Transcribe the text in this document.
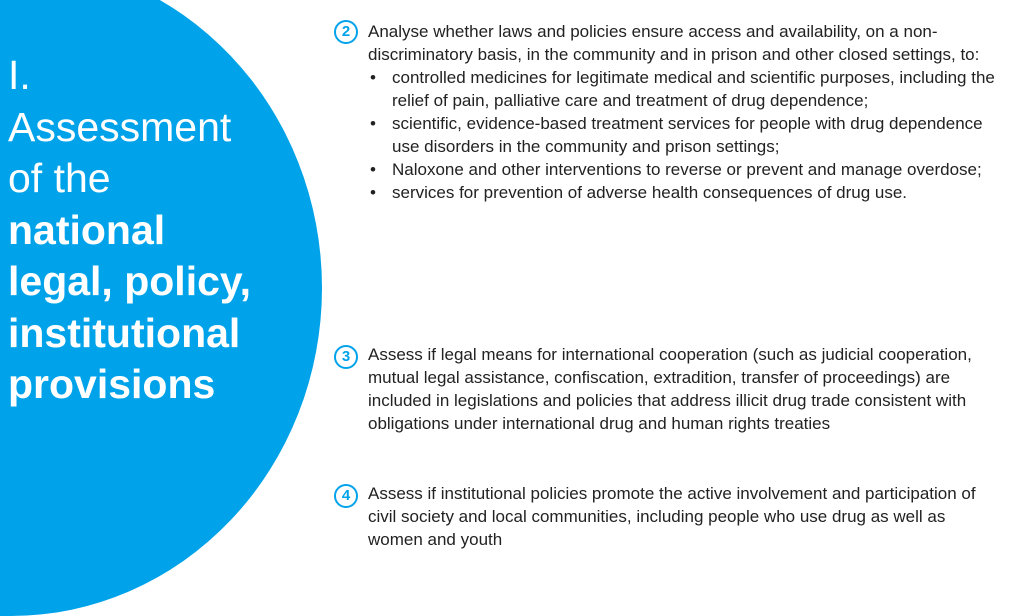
I.
Assessment
of the
national
legal, policy,
institutional
provisions
2	Analyse whether laws and policies ensure access and availability, on a non-discriminatory basis, in the community and in prison and other closed settings, to:
• controlled medicines for legitimate medical and scientific purposes, including the relief of pain, palliative care and treatment of drug dependence;
• scientific, evidence-based treatment services for people with drug dependence use disorders in the community and prison settings;
• Naloxone and other interventions to reverse or prevent and manage overdose;
• services for prevention of adverse health consequences of drug use.
3	Assess if legal means for international cooperation (such as judicial cooperation, mutual legal assistance, confiscation, extradition, transfer of proceedings) are included in legislations and policies that address illicit drug trade consistent with obligations under international drug and human rights treaties
4	Assess if institutional policies promote the active involvement and participation of civil society and local communities, including people who use drug as well as women and youth
